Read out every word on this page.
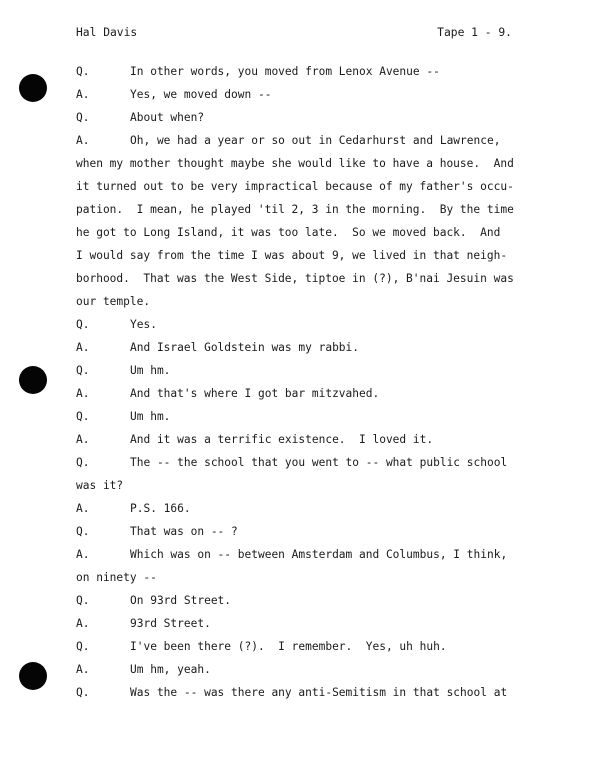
Hal Davis	Tape 1 - 9.
Q.	In other words, you moved from Lenox Avenue --
A.	Yes, we moved down --
Q.	About when?
A.	Oh, we had a year or so out in Cedarhurst and Lawrence,
when my mother thought maybe she would like to have a house.  And
it turned out to be very impractical because of my father's occu-
pation.  I mean, he played 'til 2, 3 in the morning.  By the time
he got to Long Island, it was too late.  So we moved back.  And
I would say from the time I was about 9, we lived in that neigh-
borhood.  That was the West Side, tiptoe in (?), B'nai Jesuin was
our temple.
Q.	Yes.
A.	And Israel Goldstein was my rabbi.
Q.	Um hm.
A.	And that's where I got bar mitzvahed.
Q.	Um hm.
A.	And it was a terrific existence.  I loved it.
Q.	The -- the school that you went to -- what public school
was it?
A.	P.S. 166.
Q.	That was on -- ?
A.	Which was on -- between Amsterdam and Columbus, I think,
on ninety --
Q.	On 93rd Street.
A.	93rd Street.
Q.	I've been there (?).  I remember.  Yes, uh huh.
A.	Um hm, yeah.
Q.	Was the -- was there any anti-Semitism in that school at
